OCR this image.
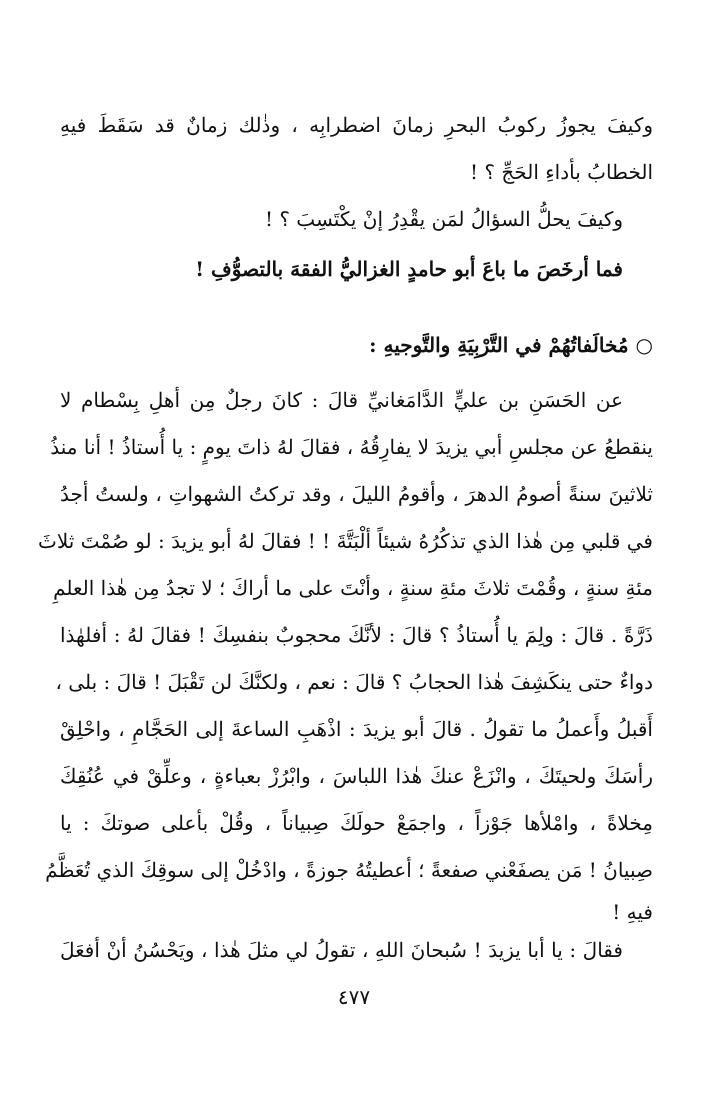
وكيفَ يجوزُ ركوبُ البحرِ زمانَ اضطرابِه ، وذٰلك زمانٌ قد سَقَطَ فيهِ
الخطابُ بأداءِ الحَجِّ ؟ !
وكيفَ يحلُّ السؤالُ لمَن يقْدِرُ إنْ يكْتَسِبَ ؟ !
فما أرخَصَ ما باعَ أبو حامدٍ الغزاليُّ الفقهَ بالتصوُّفِ !
○ مُخالَفاتُهُمْ في التَّرْبِيَةِ والتَّوجيهِ :
عن الحَسَنِ بن عليٍّ الدَّامَغانيِّ قالَ : كانَ رجلٌ مِن أهلِ بِسْطام لا
ينقطعُ عن مجلسِ أبي يزيدَ لا يفارِقُهُ ، فقالَ لهُ ذاتَ يومٍ : يا أُستاذُ ! أنا منذُ
ثلاثينَ سنةً أصومُ الدهرَ ، وأقومُ الليلَ ، وقد تركتُ الشهواتِ ، ولستُ أجدُ
في قلبي مِن هٰذا الذي تذكُرُهُ شيئاً ألْبَتَّةَ ! ! فقالَ لهُ أبو يزيدَ : لو صُمْتَ ثلاثَ
مئةِ سنةٍ ، وقُمْتَ ثلاثَ مئةِ سنةٍ ، وأنْتَ على ما أراكَ ؛ لا تجدُ مِن هٰذا العلمِ
ذَرَّةً . قالَ : ولِمَ يا أُستاذُ ؟ قالَ : لأنَّكَ محجوبٌ بنفسِكَ ! فقالَ لهُ : أفلهٰذا
دواءٌ حتى ينكَشِفَ هٰذا الحجابُ ؟ قالَ : نعم ، ولكنَّكَ لن تَقْبَلَ ! قالَ : بلى ،
أَقبلُ وأَعملُ ما تقولُ . قالَ أبو يزيدَ : اذْهَبِ الساعةَ إلى الحَجَّامِ ، واحْلِقْ
رأسَكَ ولحيتَكَ ، وانْزَعْ عنكَ هٰذا اللباسَ ، وابْرُزْ بعباءةٍ ، وعلِّقْ في عُنُقِكَ
مِخلاةً ، وامْلأها جَوْزاً ، واجمَعْ حولَكَ صِبياناً ، وقُلْ بأعلى صوتكَ : يا
صِبيانُ ! مَن يصفَعْني صفعةً ؛ أعطيتُهُ جوزةً ، وادْخُلْ إلى سوقِكَ الذي تُعَظَّمُ
فيهِ !
فقالَ : يا أبا يزيدَ ! سُبحانَ اللهِ ، تقولُ لي مثلَ هٰذا ، ويَحْسُنُ أنْ أفعَلَ
٤٧٧
